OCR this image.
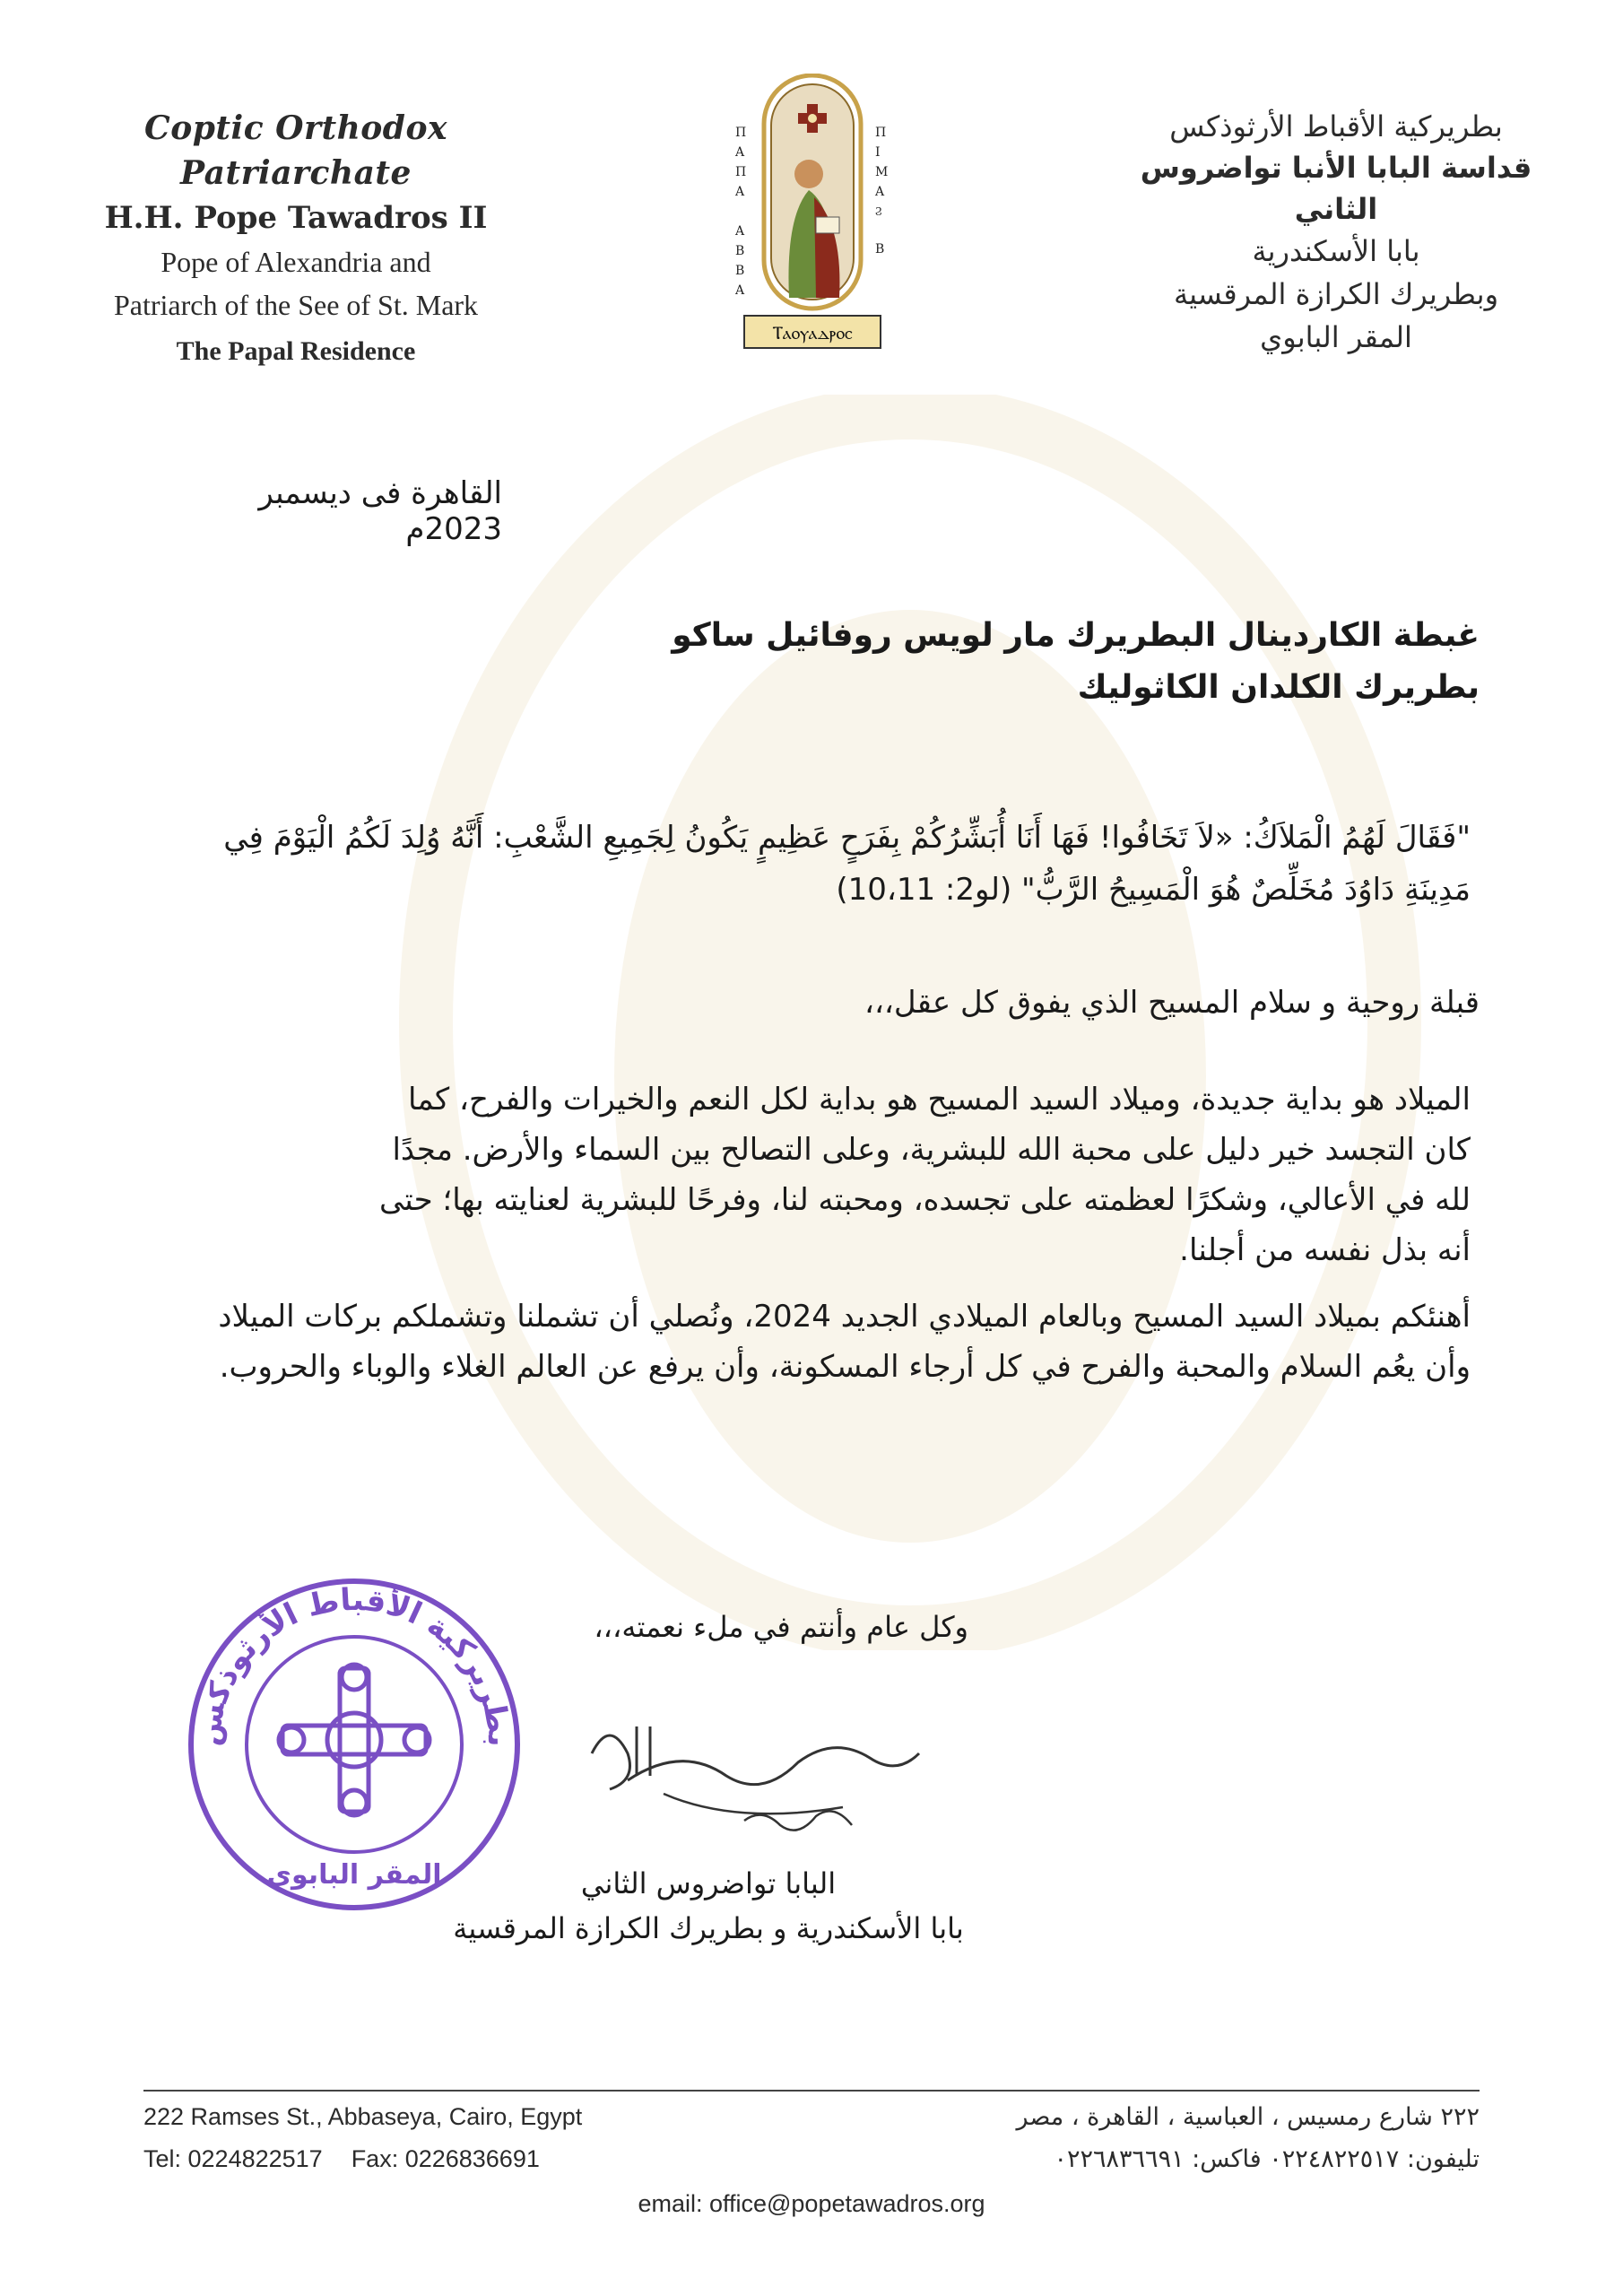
Coptic Orthodox Patriarchate
H.H. Pope Tawadros II
Pope of Alexandria and
Patriarch of the See of St. Mark
The Papal Residence
Π
Α
Π
Α
Α
Β
Β
Α
Π
Ι
Μ
Α
Ϩ
Β
Ⲧⲁⲟⲩⲁⲇⲣⲟⲥ
بطريركية الأقباط الأرثوذكس
قداسة البابا الأنبا تواضروس الثاني
بابا الأسكندرية
وبطريرك الكرازة المرقسية
المقر البابوي
القاهرة فى ديسمبر 2023م
غبطة الكاردينال البطريرك مار لويس روفائيل ساكو
بطريرك الكلدان الكاثوليك
"فَقَالَ لَهُمُ الْمَلاَكُ: «لاَ تَخَافُوا! فَهَا أَنَا أُبَشِّرُكُمْ بِفَرَحٍ عَظِيمٍ يَكُونُ لِجَمِيعِ الشَّعْبِ: أَنَّهُ وُلِدَ لَكُمُ الْيَوْمَ فِي مَدِينَةِ دَاوُدَ مُخَلِّصٌ هُوَ الْمَسِيحُ الرَّبُّ" (لو2: 10،11)
قبلة روحية و سلام المسيح الذي يفوق كل عقل،،،
الميلاد هو بداية جديدة، وميلاد السيد المسيح هو بداية لكل النعم والخيرات والفرح، كما كان التجسد خير دليل على محبة الله للبشرية، وعلى التصالح بين السماء والأرض. مجدًا لله في الأعالي، وشكرًا لعظمته على تجسده، ومحبته لنا، وفرحًا للبشرية لعنايته بها؛ حتى أنه بذل نفسه من أجلنا.
أهنئكم بميلاد السيد المسيح وبالعام الميلادي الجديد 2024، ونُصلي أن تشملنا وتشملكم بركات الميلاد وأن يعُم السلام والمحبة والفرح في كل أرجاء المسكونة، وأن يرفع عن العالم الغلاء والوباء والحروب.
وكل عام وأنتم في ملء نعمته،،،
بطريركية الأقباط الأرثوذكس
المقر البابوى	البابا تواضروس الثاني
بابا الأسكندرية و بطريرك الكرازة المرقسية
222 Ramses St., Abbaseya, Cairo, Egypt
Tel: 0224822517 Fax: 0226836691
٢٢٢ شارع رمسيس ، العباسية ، القاهرة ، مصر
تليفون: ٠٢٢٤٨٢٢٥١٧ فاكس: ٠٢٢٦٨٣٦٦٩١
email: office@popetawadros.org
